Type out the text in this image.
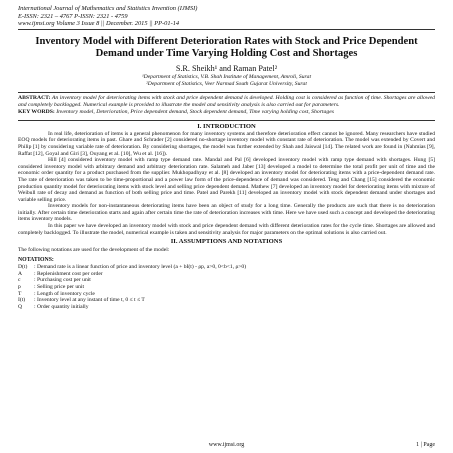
International Journal of Mathematics and Statistics Invention (IJMSI)
E-ISSN: 2321 – 4767 P-ISSN: 2321 - 4759
www.ijmsi.org Volume 3 Issue 8 || December. 2015 || PP-01-14
Inventory Model with Different Deterioration Rates with Stock and Price Dependent Demand under Time Varying Holding Cost and Shortages
S.R. Sheikh¹ and Raman Patel²
¹Department of Statistics, V.B. Shah Institute of Management, Amroli, Surat
²Department of Statistics, Veer Narmad South Gujarat University, Surat
ABSTRACT: An inventory model for deteriorating items with stock and price dependent demand is developed. Holding cost is considered as function of time. Shortages are allowed and completely backlogged. Numerical example is provided to illustrate the model and sensitivity analysis is also carried out for parameters.
KEY WORDS: Inventory model, Deterioration, Price dependent demand, Stock dependent demand, Time varying holding cost, Shortages
I. INTRODUCTION

In real life, deterioration of items is a general phenomenon for many inventory systems and therefore deterioration effect cannot be ignored. Many researchers have studied EOQ models for deteriorating items in past. Ghare and Schrader [2] considered no-shortage inventory model with constant rate of deterioration. The model was extended by Covert and Philip [1] by considering variable rate of deterioration. By considering shortages, the model was further extended by Shah and Jaiswal [14]. The related work are found in (Nahmias [9], Raffat [12], Goyal and Giri [3], Ouyang et al. [10], Wu et al. [16]).

Hill [4] considered inventory model with ramp type demand rate. Mandal and Pal [6] developed inventory model with ramp type demand with shortages. Hung [5] considered inventory model with arbitrary demand and arbitrary deterioration rate. Salameh and Jaber [13] developed a model to determine the total profit per unit of time and the economic order quantity for a product purchased from the supplier. Mukhopadhyay et al. [8] developed an inventory model for deteriorating items with a price-dependent demand rate. The rate of deterioration was taken to be time-proportional and a power law form of the price-dependence of demand was considered. Teng and Chang [15] considered the economic production quantity model for deteriorating items with stock level and selling price dependent demand. Mathew [7] developed an inventory model for deteriorating items with mixture of Weibull rate of decay and demand as function of both selling price and time. Patel and Parekh [11] developed an inventory model with stock dependent demand under shortages and variable selling price.

Inventory models for non-instantaneous deteriorating items have been an object of study for a long time. Generally the products are such that there is no deterioration initially. After certain time deterioration starts and again after certain time the rate of deterioration increases with time. Here we have used such a concept and developed the deteriorating items inventory models.

In this paper we have developed an inventory model with stock and price dependent demand with different deterioration rates for the cycle time. Shortages are allowed and completely backlogged. To illustrate the model, numerical example is taken and sensitivity analysis for major parameters on the optimal solutions is also carried out.

II. ASSUMPTIONS AND NOTATIONS
The following notations are used for the development of the model:
NOTATIONS:
D(t)	: Demand rate is a linear function of price and inventory level (a + bI(t) - ρp, a>0, 0<b<1, ρ>0)
A	: Replenishment cost per order
c	: Purchasing cost per unit
p	: Selling price per unit
T	: Length of inventory cycle
I(t)	: Inventory level at any instant of time t, 0 ≤ t ≤ T
Q	: Order quantity initially
www.ijmsi.org	1 | Page
